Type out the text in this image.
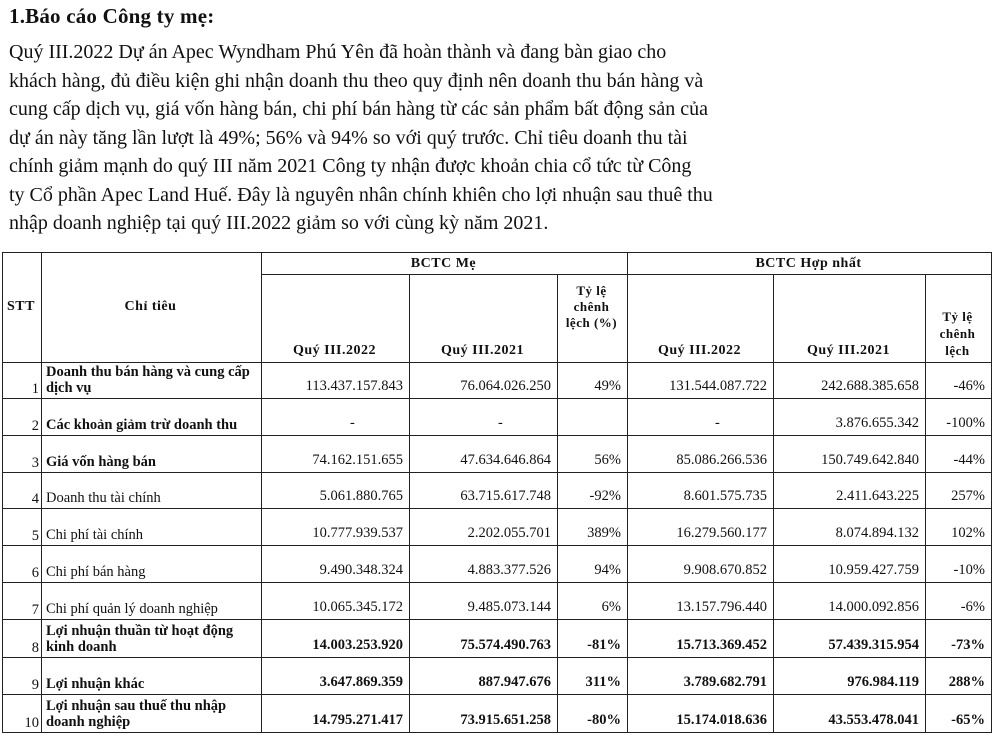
1.Báo cáo Công ty mẹ:
Quý III.2022 Dự án Apec Wyndham Phú Yên đã hoàn thành và đang bàn giao cho
khách hàng, đủ điều kiện ghi nhận doanh thu theo quy định nên doanh thu bán hàng và
cung cấp dịch vụ, giá vốn hàng bán, chi phí bán hàng từ các sản phẩm bất động sản của
dự án này tăng lần lượt là 49%; 56% và 94% so với quý trước. Chỉ tiêu doanh thu tài
chính giảm mạnh do quý III năm 2021 Công ty nhận được khoản chia cổ tức từ Công
ty Cổ phần Apec Land Huế. Đây là nguyên nhân chính khiên cho lợi nhuận sau thuê thu
nhập doanh nghiệp tại quý III.2022 giảm so với cùng kỳ năm 2021.
STT	Chỉ tiêu	BCTC Mẹ			BCTC Hợp nhất		
		Quý III.2022	Quý III.2021	Tỷ lệ chênh lệch (%)	Quý III.2022	Quý III.2021	Tỷ lệ chênh lệch
1	Doanh thu bán hàng và cung cấp dịch vụ	113.437.157.843	76.064.026.250	49%	131.544.087.722	242.688.385.658	-46%
2	Các khoản giảm trừ doanh thu	-	-		-	3.876.655.342	-100%
3	Giá vốn hàng bán	74.162.151.655	47.634.646.864	56%	85.086.266.536	150.749.642.840	-44%
4	Doanh thu tài chính	5.061.880.765	63.715.617.748	-92%	8.601.575.735	2.411.643.225	257%
5	Chi phí tài chính	10.777.939.537	2.202.055.701	389%	16.279.560.177	8.074.894.132	102%
6	Chi phí bán hàng	9.490.348.324	4.883.377.526	94%	9.908.670.852	10.959.427.759	-10%
7	Chi phí quản lý doanh nghiệp	10.065.345.172	9.485.073.144	6%	13.157.796.440	14.000.092.856	-6%
8	Lợi nhuận thuần từ hoạt động kinh doanh	14.003.253.920	75.574.490.763	-81%	15.713.369.452	57.439.315.954	-73%
9	Lợi nhuận khác	3.647.869.359	887.947.676	311%	3.789.682.791	976.984.119	288%
10	Lợi nhuận sau thuế thu nhập doanh nghiệp	14.795.271.417	73.915.651.258	-80%	15.174.018.636	43.553.478.041	-65%
